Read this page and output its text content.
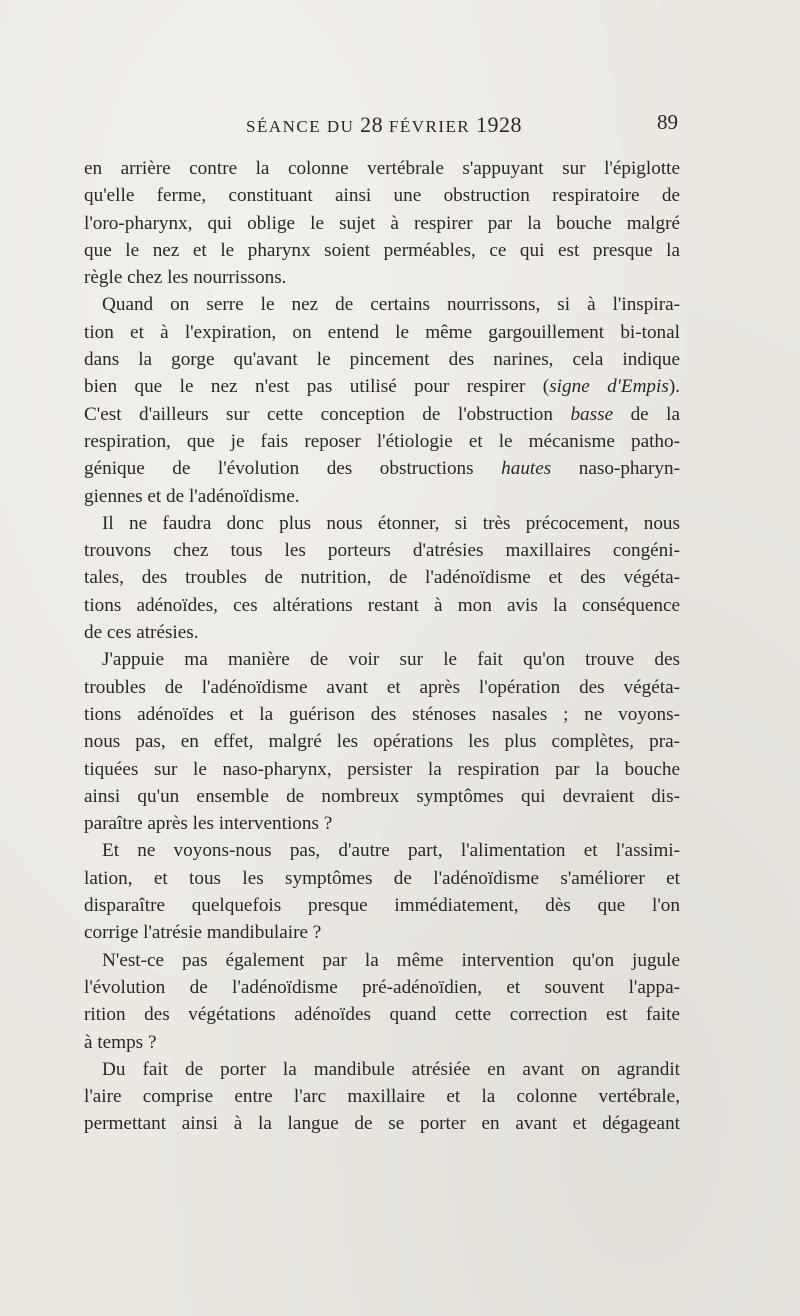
SÉANCE DU 28 FÉVRIER 1928	89
en arrière contre la colonne vertébrale s'appuyant sur l'épiglotte
qu'elle ferme, constituant ainsi une obstruction respiratoire de
l'oro-pharynx, qui oblige le sujet à respirer par la bouche malgré
que le nez et le pharynx soient perméables, ce qui est presque la
règle chez les nourrissons.
Quand on serre le nez de certains nourrissons, si à l'inspira-
tion et à l'expiration, on entend le même gargouillement bi-tonal
dans la gorge qu'avant le pincement des narines, cela indique
bien que le nez n'est pas utilisé pour respirer (signe d'Empis).
C'est d'ailleurs sur cette conception de l'obstruction basse de la
respiration, que je fais reposer l'étiologie et le mécanisme patho-
génique de l'évolution des obstructions hautes naso-pharyn-
giennes et de l'adénoïdisme.
Il ne faudra donc plus nous étonner, si très précocement, nous
trouvons chez tous les porteurs d'atrésies maxillaires congéni-
tales, des troubles de nutrition, de l'adénoïdisme et des végéta-
tions adénoïdes, ces altérations restant à mon avis la conséquence
de ces atrésies.
J'appuie ma manière de voir sur le fait qu'on trouve des
troubles de l'adénoïdisme avant et après l'opération des végéta-
tions adénoïdes et la guérison des sténoses nasales ; ne voyons-
nous pas, en effet, malgré les opérations les plus complètes, pra-
tiquées sur le naso-pharynx, persister la respiration par la bouche
ainsi qu'un ensemble de nombreux symptômes qui devraient dis-
paraître après les interventions ?
Et ne voyons-nous pas, d'autre part, l'alimentation et l'assimi-
lation, et tous les symptômes de l'adénoïdisme s'améliorer et
disparaître quelquefois presque immédiatement, dès que l'on
corrige l'atrésie mandibulaire ?
N'est-ce pas également par la même intervention qu'on jugule
l'évolution de l'adénoïdisme pré-adénoïdien, et souvent l'appa-
rition des végétations adénoïdes quand cette correction est faite
à temps ?
Du fait de porter la mandibule atrésiée en avant on agrandit
l'aire comprise entre l'arc maxillaire et la colonne vertébrale,
permettant ainsi à la langue de se porter en avant et dégageant
